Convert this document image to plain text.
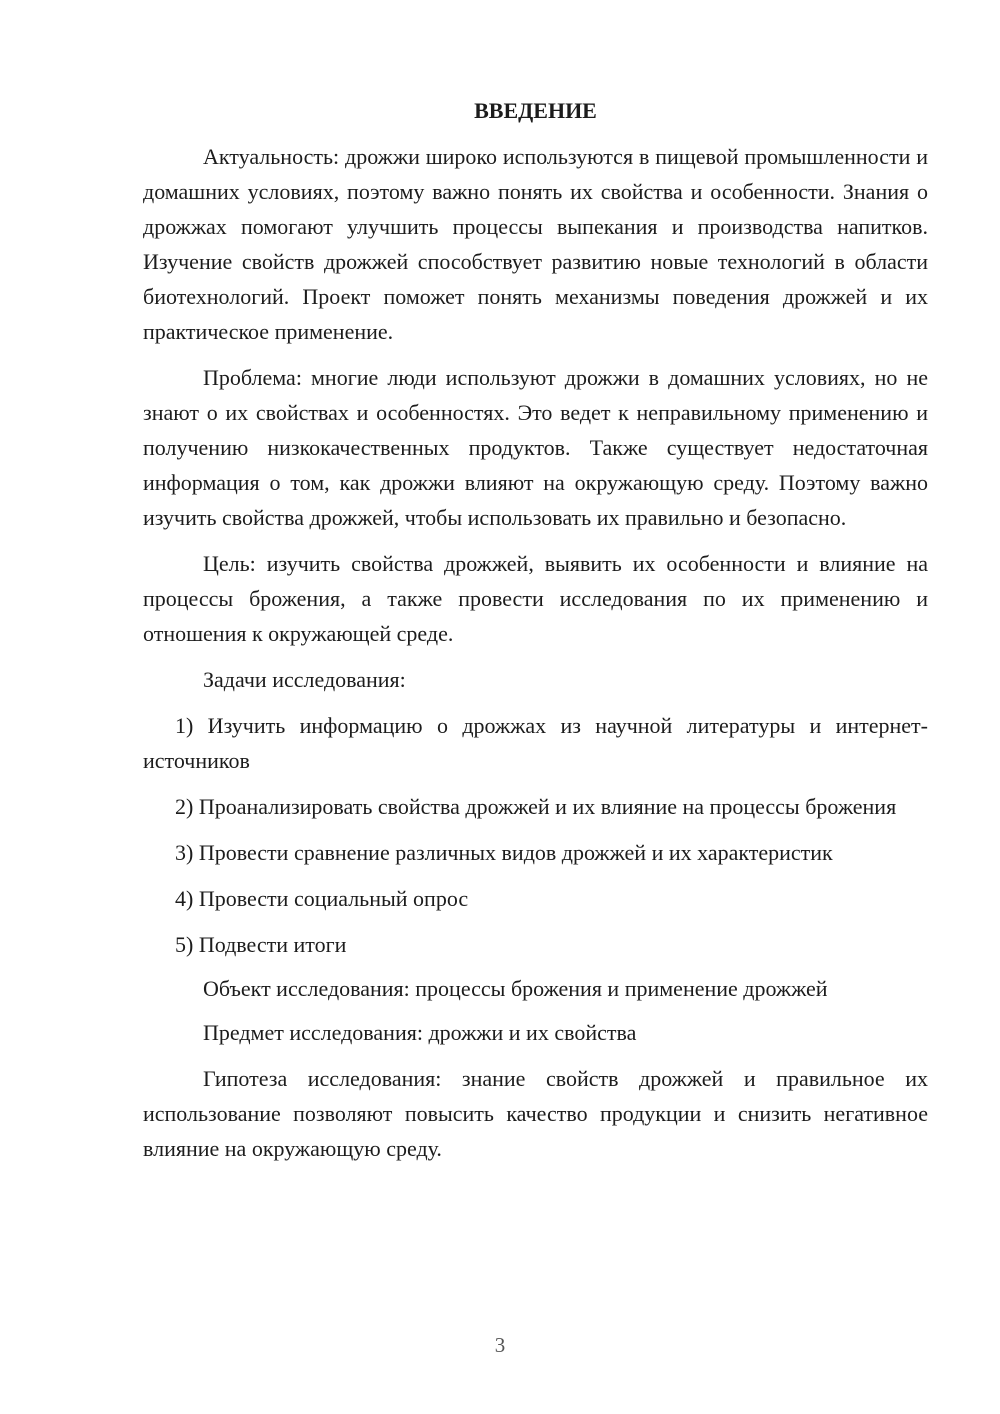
ВВЕДЕНИЕ

Актуальность: дрожжи широко используются в пищевой промышленности и домашних условиях, поэтому важно понять их свойства и особенности. Знания о дрожжах помогают улучшить процессы выпекания и производства напитков. Изучение свойств дрожжей способствует развитию новые технологий в области биотехнологий. Проект поможет понять механизмы поведения дрожжей и их практическое применение.

Проблема: многие люди используют дрожжи в домашних условиях, но не знают о их свойствах и особенностях. Это ведет к неправильному применению и получению низкокачественных продуктов. Также существует недостаточная информация о том, как дрожжи влияют на окружающую среду. Поэтому важно изучить свойства дрожжей, чтобы использовать их правильно и безопасно.

Цель: изучить свойства дрожжей, выявить их особенности и влияние на процессы брожения, а также провести исследования по их применению и отношения к окружающей среде.

Задачи исследования:

1) Изучить информацию о дрожжах из научной литературы и интернет-источников

2) Проанализировать свойства дрожжей и их влияние на процессы брожения

3) Провести сравнение различных видов дрожжей и их характеристик

4) Провести социальный опрос

5) Подвести итоги

Объект исследования: процессы брожения и применение дрожжей

Предмет исследования: дрожжи и их свойства

Гипотеза исследования: знание свойств дрожжей и правильное их использование позволяют повысить качество продукции и снизить негативное влияние на окружающую среду.

3
